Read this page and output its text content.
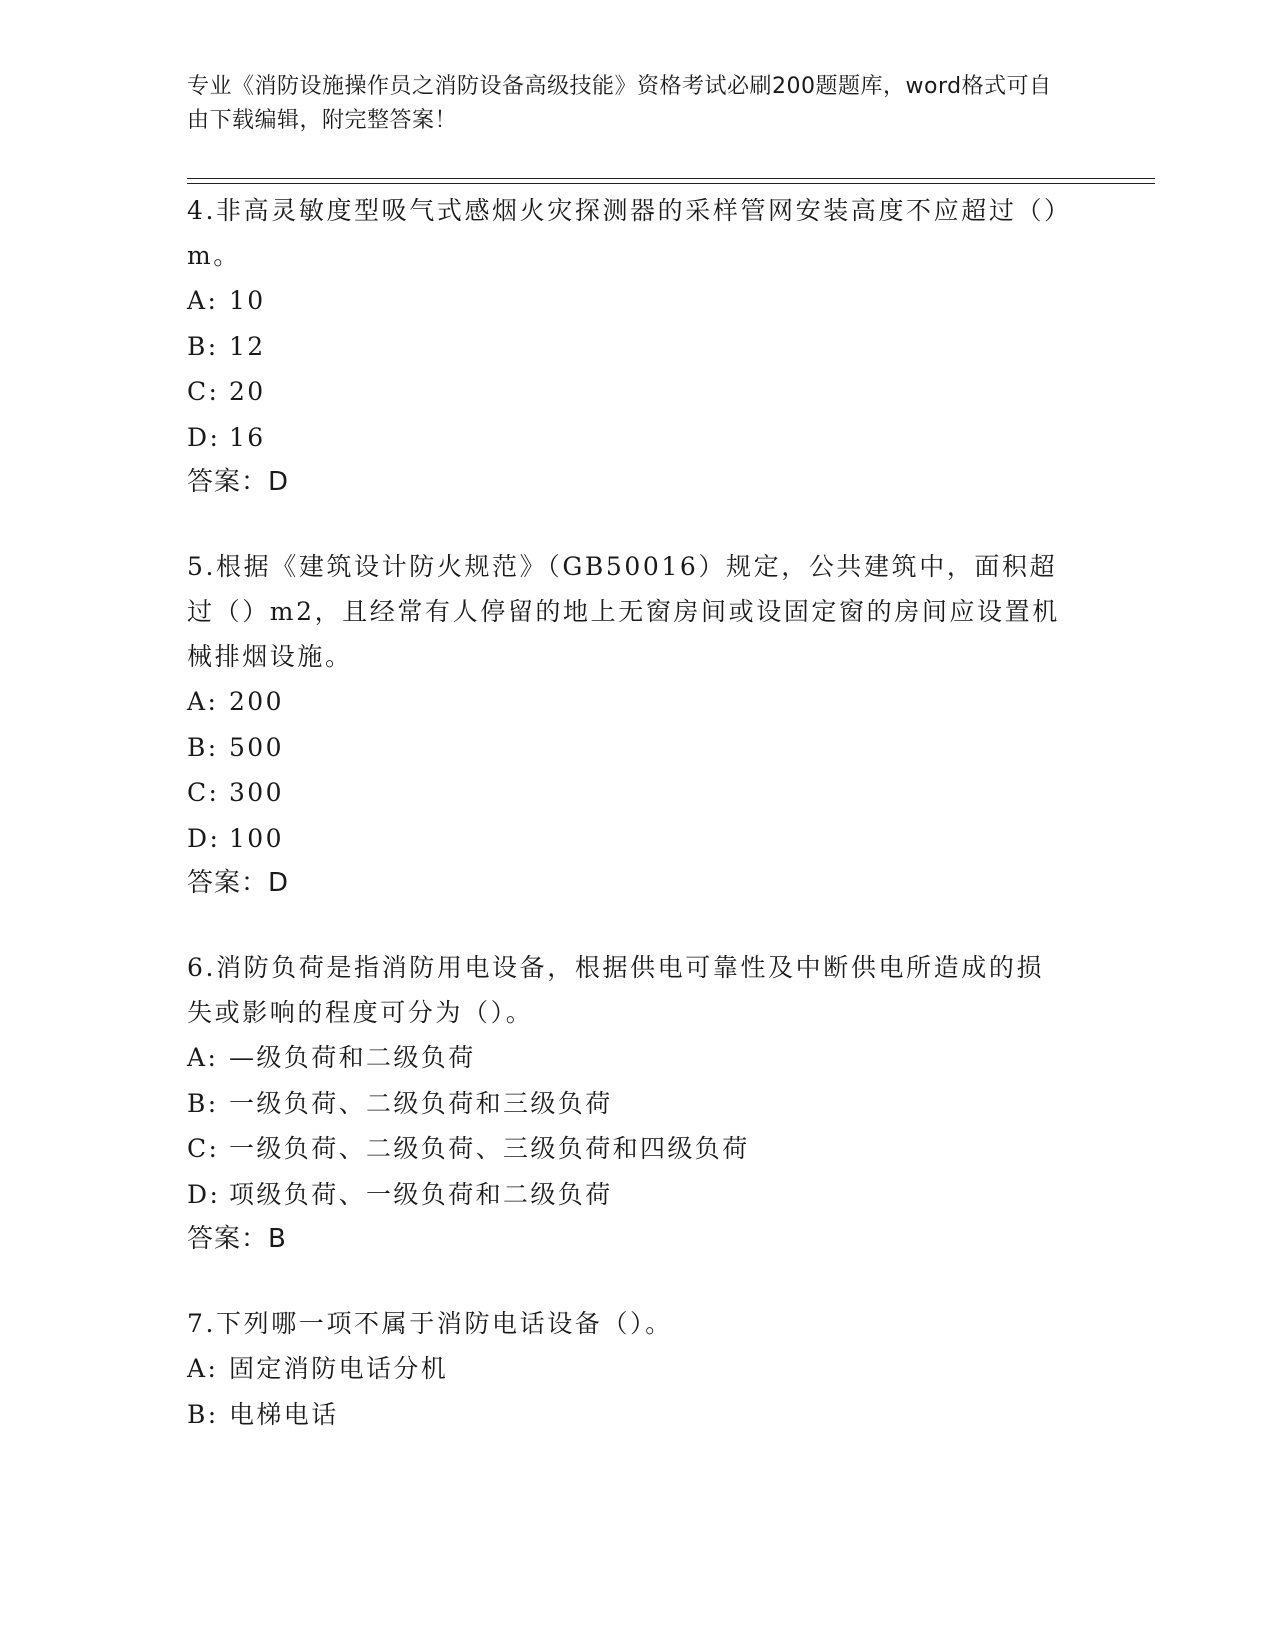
专业《消防设施操作员之消防设备高级技能》资格考试必刷200题题库，word格式可自由下载编辑，附完整答案！
4.非高灵敏度型吸气式感烟火灾探测器的采样管网安装高度不应超过（）m。
A: 10
B: 12
C: 20
D: 16
答案：D
5.根据《建筑设计防火规范》（GB50016）规定，公共建筑中，面积超过（）m2，且经常有人停留的地上无窗房间或设固定窗的房间应设置机械排烟设施。
A: 200
B: 500
C: 300
D: 100
答案：D
6.消防负荷是指消防用电设备，根据供电可靠性及中断供电所造成的损失或影响的程度可分为（）。
A: —级负荷和二级负荷
B: 一级负荷、二级负荷和三级负荷
C: 一级负荷、二级负荷、三级负荷和四级负荷
D: 项级负荷、一级负荷和二级负荷
答案：B
7.下列哪一项不属于消防电话设备（）。
A: 固定消防电话分机
B: 电梯电话
